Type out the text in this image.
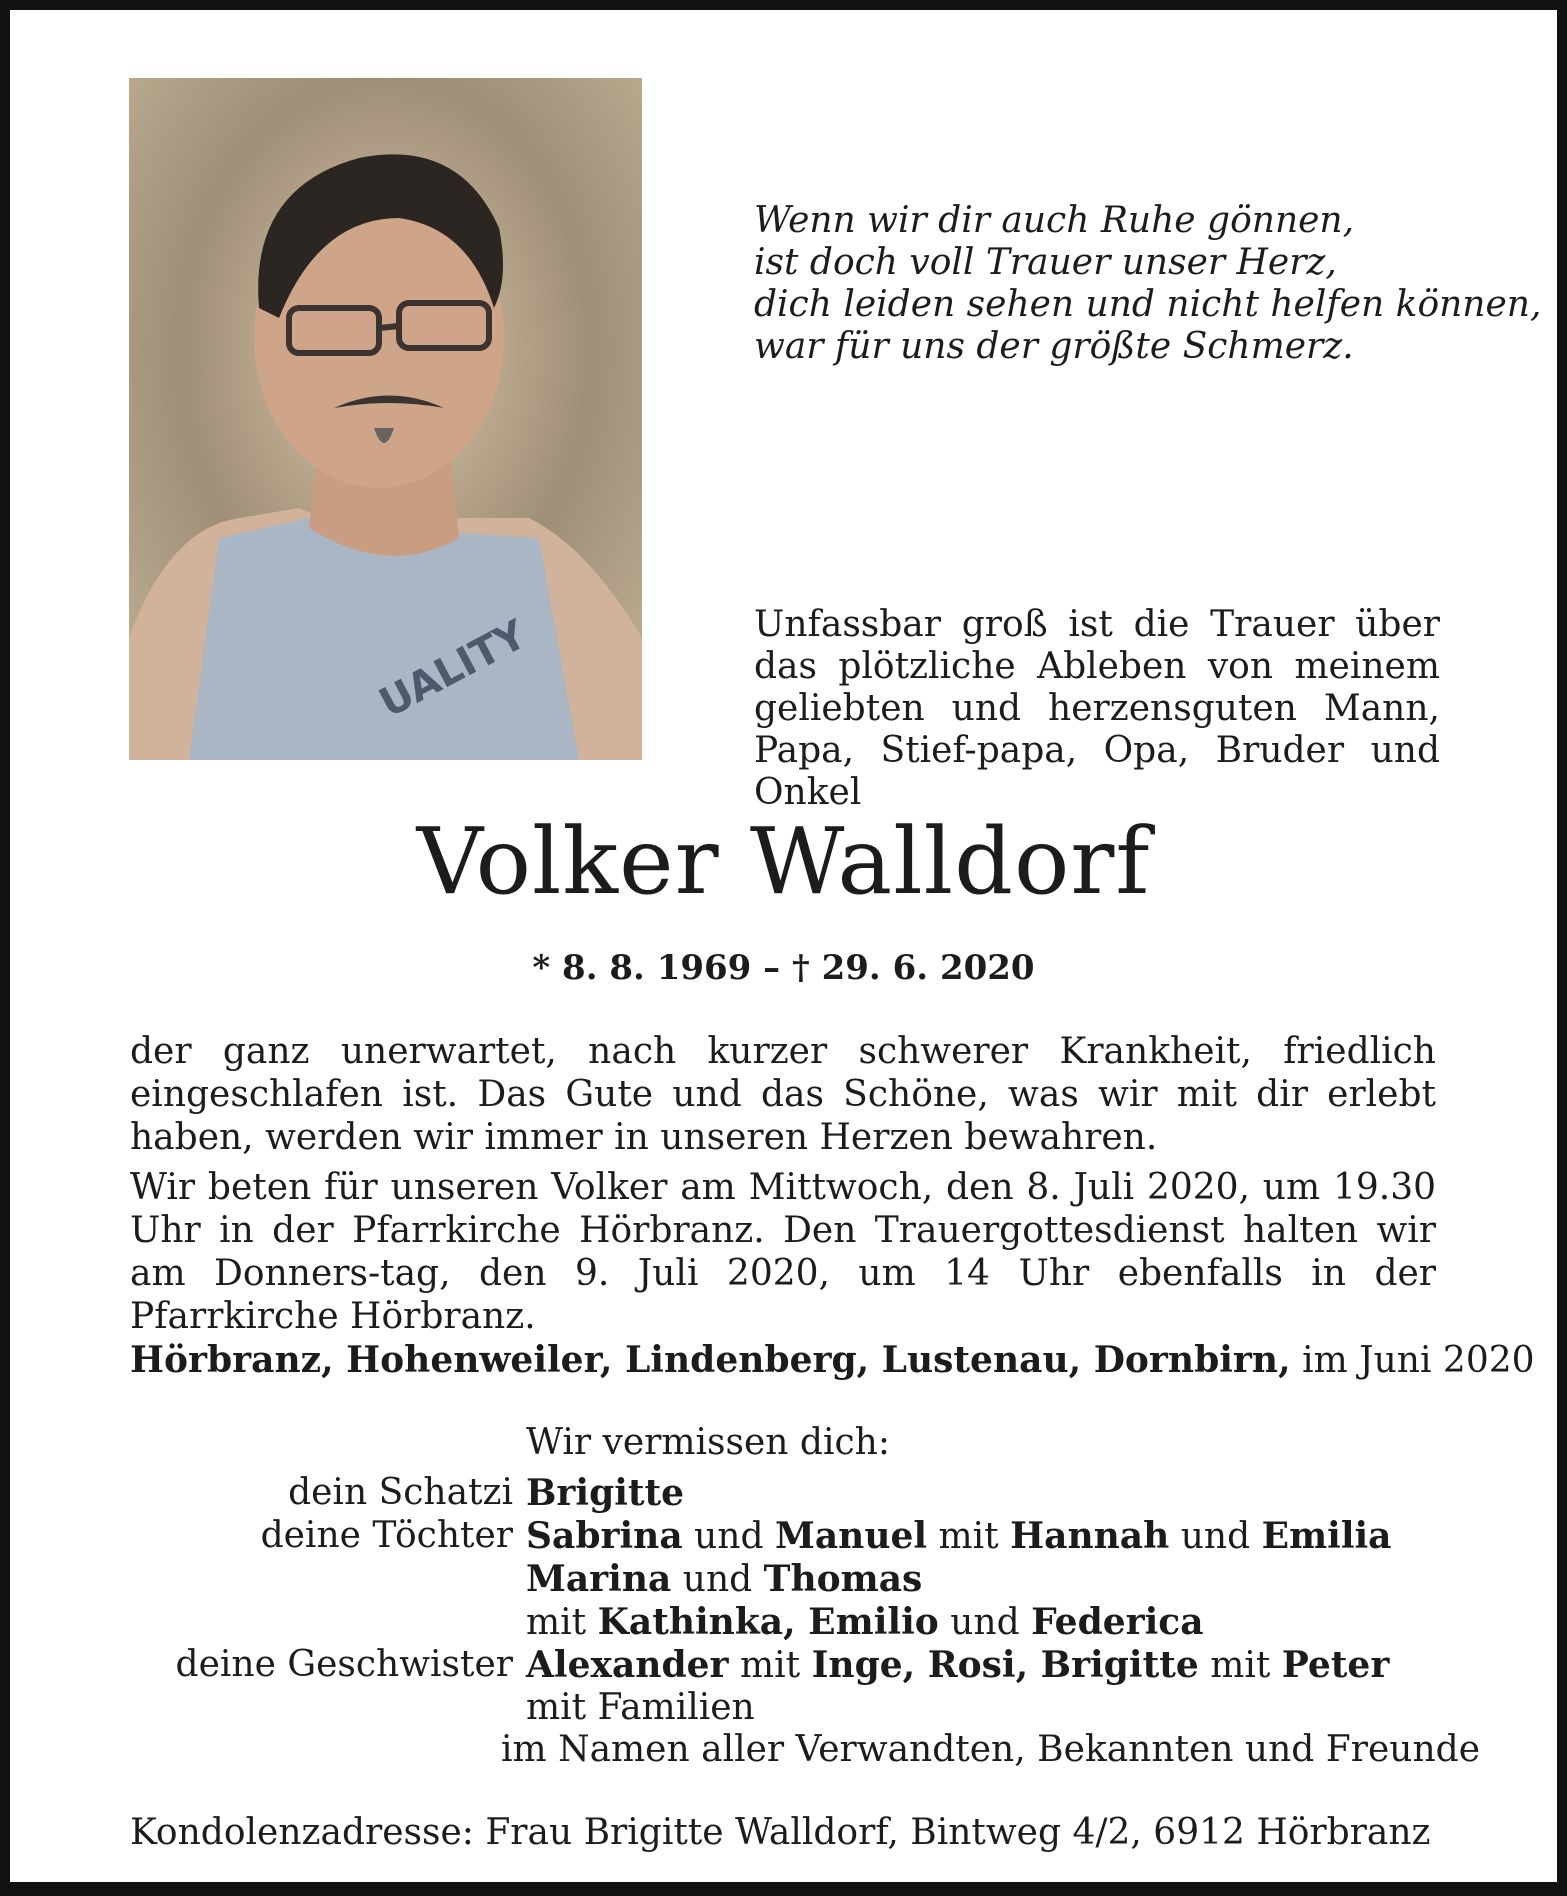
UALITY
Wenn wir dir auch Ruhe gönnen,
ist doch voll Trauer unser Herz,
dich leiden sehen und nicht helfen können,
war für uns der größte Schmerz.
Unfassbar groß ist die Trauer über das plötzliche Ableben von meinem geliebten und herzensguten Mann, Papa, Stief-papa, Opa, Bruder und Onkel
Volker Walldorf
* 8. 8. 1969 – † 29. 6. 2020
der ganz unerwartet, nach kurzer schwerer Krankheit, friedlich eingeschlafen ist. Das Gute und das Schöne, was wir mit dir erlebt haben, werden wir immer in unseren Herzen bewahren.
Wir beten für unseren Volker am Mittwoch, den 8. Juli 2020, um 19.30 Uhr in der Pfarrkirche Hörbranz. Den Trauergottesdienst halten wir am Donners-tag, den 9. Juli 2020, um 14 Uhr ebenfalls in der Pfarrkirche Hörbranz.
Hörbranz, Hohenweiler, Lindenberg, Lustenau, Dornbirn, im Juni 2020
Wir vermissen dich:
dein Schatzi Brigitte
deine Töchter Sabrina und Manuel mit Hannah und Emilia
Marina und Thomas
mit Kathinka, Emilio und Federica
deine Geschwister Alexander mit Inge, Rosi, Brigitte mit Peter
mit Familien
im Namen aller Verwandten, Bekannten und Freunde
Kondolenzadresse: Frau Brigitte Walldorf, Bintweg 4/2, 6912 Hörbranz
